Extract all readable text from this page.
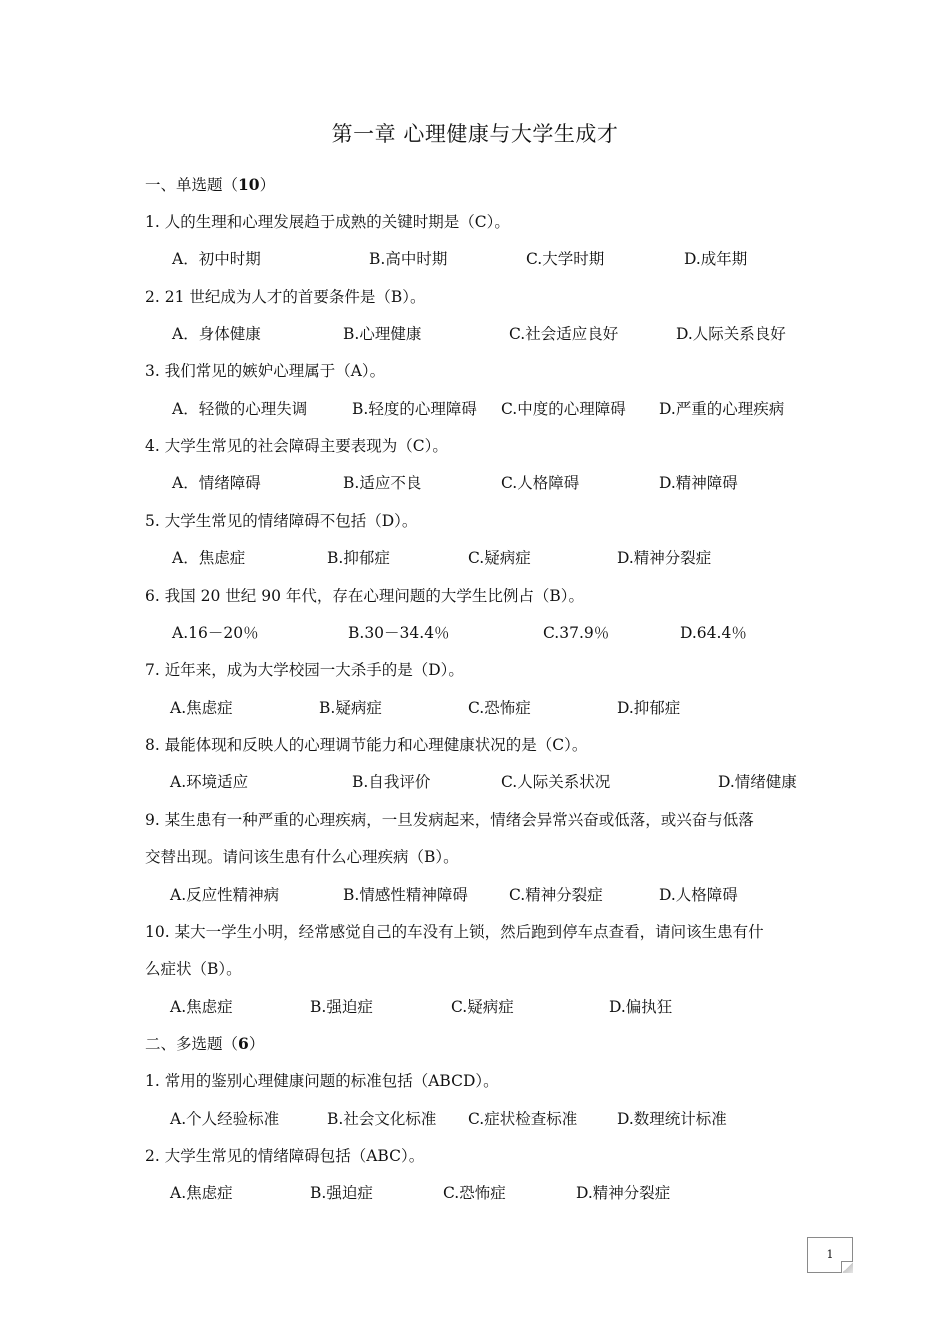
第一章 心理健康与大学生成才
一、单选题（10）
1. 人的生理和心理发展趋于成熟的关键时期是（C）。
A．初中时期	B.高中时期	C.大学时期	D.成年期
2. 21 世纪成为人才的首要条件是（B）。
A．身体健康	B.心理健康	C.社会适应良好	D.人际关系良好
3. 我们常见的嫉妒心理属于（A）。
A．轻微的心理失调	B.轻度的心理障碍 C.中度的心理障碍 D.严重的心理疾病
4. 大学生常见的社会障碍主要表现为（C）。
A．情绪障碍	B.适应不良	C.人格障碍	D.精神障碍
5. 大学生常见的情绪障碍不包括（D）。
A．焦虑症	B.抑郁症	C.疑病症	D.精神分裂症
6. 我国 20 世纪 90 年代，存在心理问题的大学生比例占（B）。
A.16－20％	B.30－34.4％	C.37.9％	D.64.4％
7. 近年来，成为大学校园一大杀手的是（D）。
A.焦虑症	B.疑病症	C.恐怖症	D.抑郁症
8. 最能体现和反映人的心理调节能力和心理健康状况的是（C）。
A.环境适应	B.自我评价	C.人际关系状况	D.情绪健康
9. 某生患有一种严重的心理疾病，一旦发病起来，情绪会异常兴奋或低落，或兴奋与低落
交替出现。请问该生患有什么心理疾病（B）。
A.反应性精神病	B.情感性精神障碍	C.精神分裂症	D.人格障碍
10. 某大一学生小明，经常感觉自己的车没有上锁，然后跑到停车点查看，请问该生患有什
么症状（B）。
A.焦虑症	B.强迫症	C.疑病症	D.偏执狂
二、多选题（6）
1. 常用的鉴别心理健康问题的标准包括（ABCD）。
A.个人经验标准	B.社会文化标准 C.症状检查标准	D.数理统计标准
2. 大学生常见的情绪障碍包括（ABC）。
A.焦虑症	B.强迫症	C.恐怖症	D.精神分裂症
1
